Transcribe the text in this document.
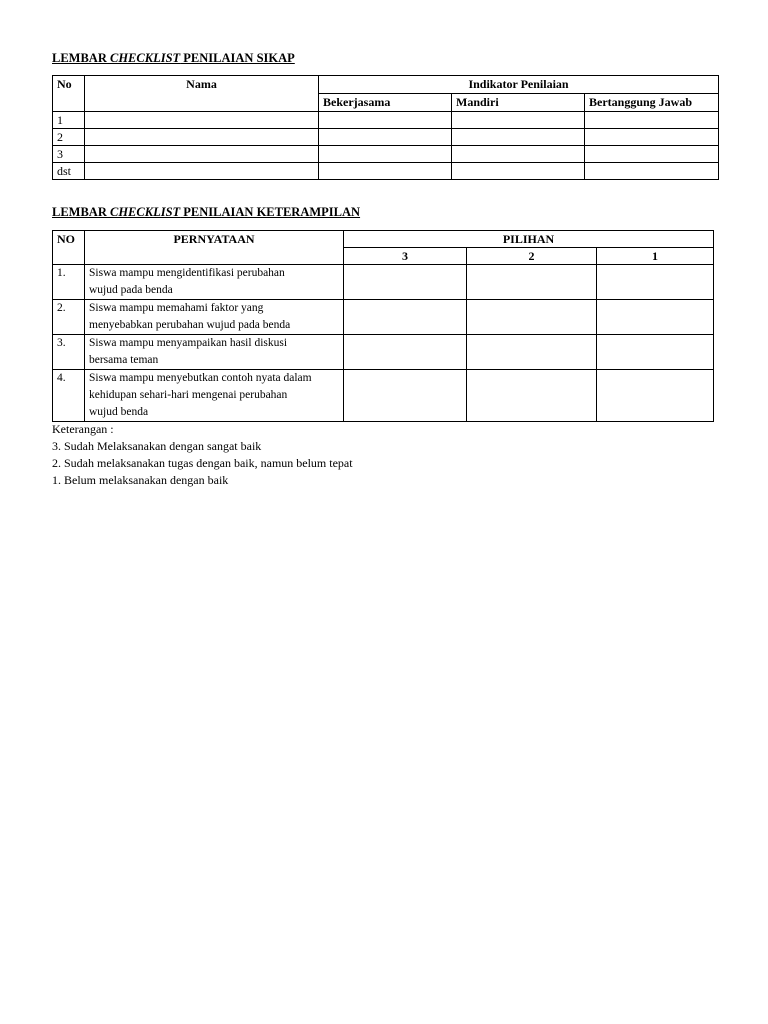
LEMBAR CHECKLIST PENILAIAN SIKAP
No	Nama	Indikator Penilaian		
		Bekerjasama	Mandiri	Bertanggung Jawab
1				
2				
3				
dst				
LEMBAR CHECKLIST PENILAIAN KETERAMPILAN
NO	PERNYATAAN	PILIHAN		
		3	2	1
1.	Siswa mampu mengidentifikasi perubahan
wujud pada benda			

2.	Siswa mampu memahami faktor yang
menyebabkan perubahan wujud pada benda			

3.	Siswa mampu menyampaikan hasil diskusi
bersama teman			

4.	Siswa mampu menyebutkan contoh nyata dalam
kehidupan sehari-hari mengenai perubahan
wujud benda			

Keterangan :
3. Sudah Melaksanakan dengan sangat baik
2. Sudah melaksanakan tugas dengan baik, namun belum tepat
1. Belum melaksanakan dengan baik
